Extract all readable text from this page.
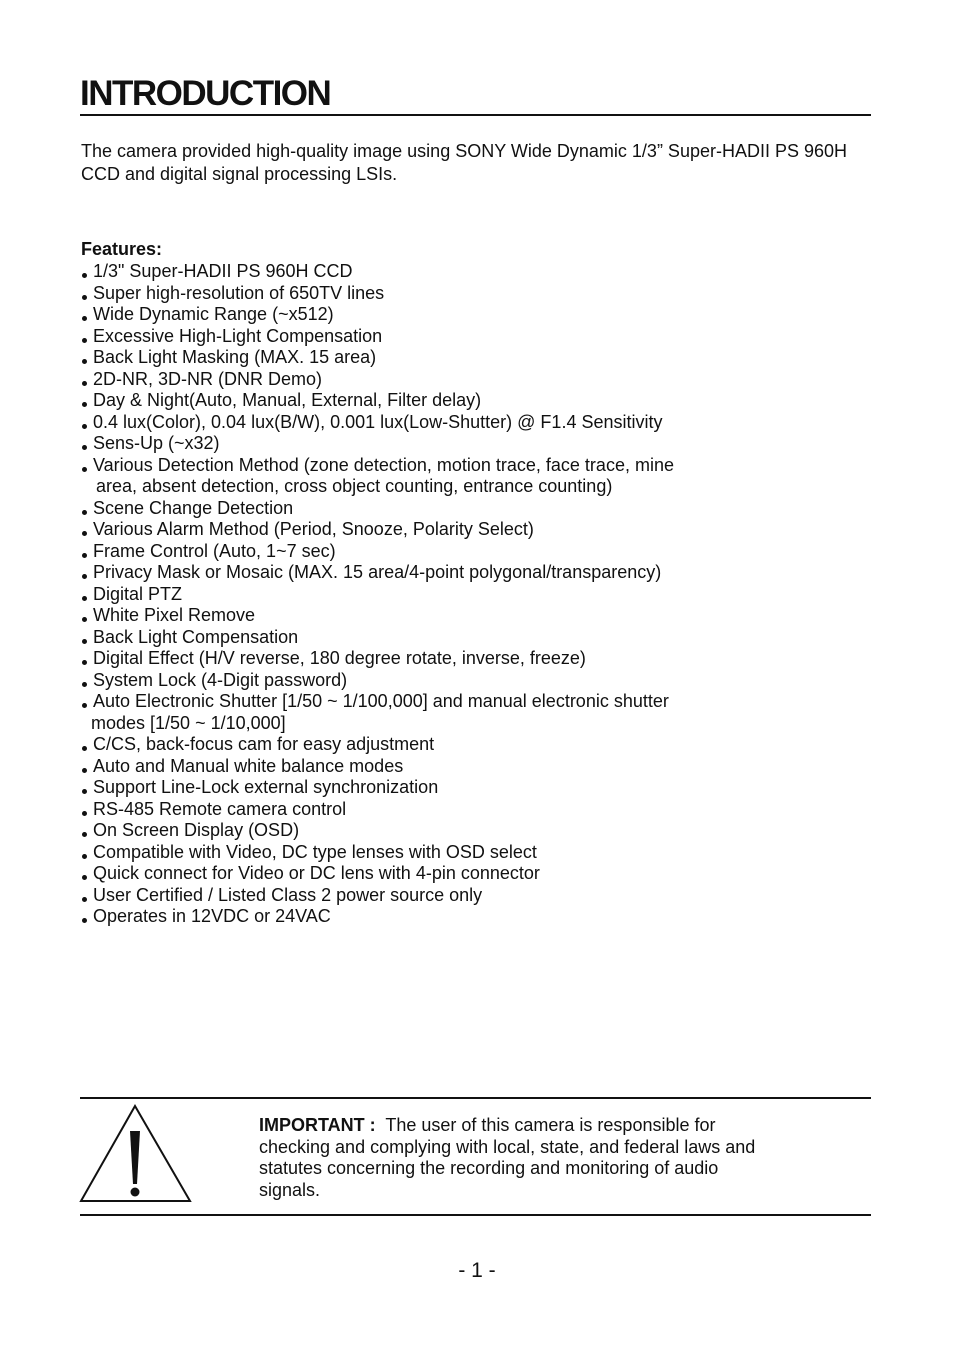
INTRODUCTION
The camera provided high-quality image using SONY Wide Dynamic 1/3” Super-HADII PS 960H CCD and digital signal processing LSIs.
Features:
1/3" Super-HADII PS 960H CCD
Super high-resolution of 650TV lines
Wide Dynamic Range (~x512)
Excessive High-Light Compensation
Back Light Masking (MAX. 15 area)
2D-NR, 3D-NR (DNR Demo)
Day & Night(Auto, Manual, External, Filter delay)
0.4 lux(Color), 0.04 lux(B/W), 0.001 lux(Low-Shutter) @ F1.4 Sensitivity
Sens-Up (~x32)
Various Detection Method (zone detection, motion trace, face trace, mine
area, absent detection, cross object counting, entrance counting)
Scene Change Detection
Various Alarm Method (Period, Snooze, Polarity Select)
Frame Control (Auto, 1~7 sec)
Privacy Mask or Mosaic (MAX. 15 area/4-point polygonal/transparency)
Digital PTZ
White Pixel Remove
Back Light Compensation
Digital Effect (H/V reverse, 180 degree rotate, inverse, freeze)
System Lock (4-Digit password)
Auto Electronic Shutter [1/50 ~ 1/100,000] and manual electronic shutter
modes [1/50 ~ 1/10,000]
C/CS, back-focus cam for easy adjustment
Auto and Manual white balance modes
Support Line-Lock external synchronization
RS-485 Remote camera control
On Screen Display (OSD)
Compatible with Video, DC type lenses with OSD select
Quick connect for Video or DC lens with 4-pin connector
User Certified / Listed Class 2 power source only
Operates in 12VDC or 24VAC
IMPORTANT : The user of this camera is responsible for checking and complying with local, state, and federal laws and statutes concerning the recording and monitoring of audio signals.
- 1 -
